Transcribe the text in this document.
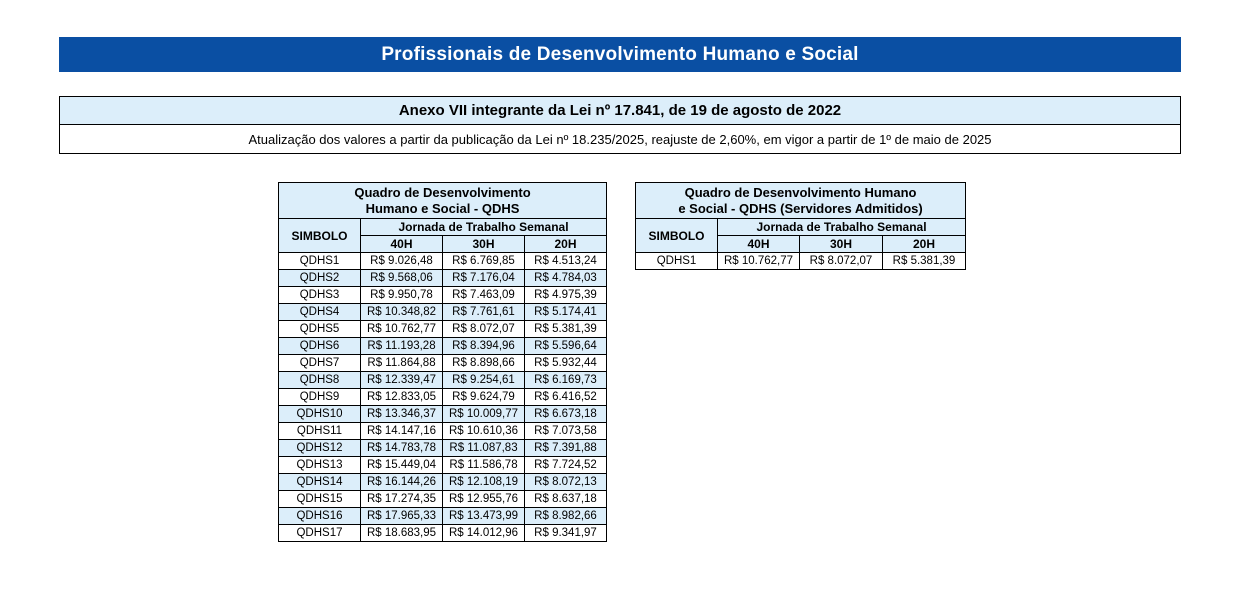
Profissionais de Desenvolvimento Humano e Social
Anexo VII integrante da Lei nº 17.841, de 19 de agosto de 2022
Atualização dos valores a partir da publicação da Lei nº 18.235/2025, reajuste de 2,60%, em vigor a partir de 1º de maio de 2025
Quadro de Desenvolvimento
Humano e Social - QDHS			

SIMBOLO	Jornada de Trabalho Semanal		
	40H	30H	20H
QDHS1	R$ 9.026,48	R$ 6.769,85	R$ 4.513,24
QDHS2	R$ 9.568,06	R$ 7.176,04	R$ 4.784,03
QDHS3	R$ 9.950,78	R$ 7.463,09	R$ 4.975,39
QDHS4	R$ 10.348,82	R$ 7.761,61	R$ 5.174,41
QDHS5	R$ 10.762,77	R$ 8.072,07	R$ 5.381,39
QDHS6	R$ 11.193,28	R$ 8.394,96	R$ 5.596,64
QDHS7	R$ 11.864,88	R$ 8.898,66	R$ 5.932,44
QDHS8	R$ 12.339,47	R$ 9.254,61	R$ 6.169,73
QDHS9	R$ 12.833,05	R$ 9.624,79	R$ 6.416,52
QDHS10	R$ 13.346,37	R$ 10.009,77	R$ 6.673,18
QDHS11	R$ 14.147,16	R$ 10.610,36	R$ 7.073,58
QDHS12	R$ 14.783,78	R$ 11.087,83	R$ 7.391,88
QDHS13	R$ 15.449,04	R$ 11.586,78	R$ 7.724,52
QDHS14	R$ 16.144,26	R$ 12.108,19	R$ 8.072,13
QDHS15	R$ 17.274,35	R$ 12.955,76	R$ 8.637,18
QDHS16	R$ 17.965,33	R$ 13.473,99	R$ 8.982,66
QDHS17	R$ 18.683,95	R$ 14.012,96	R$ 9.341,97
Quadro de Desenvolvimento Humano
e Social - QDHS (Servidores Admitidos)			

SIMBOLO	Jornada de Trabalho Semanal		
	40H	30H	20H
QDHS1	R$ 10.762,77	R$ 8.072,07	R$ 5.381,39
